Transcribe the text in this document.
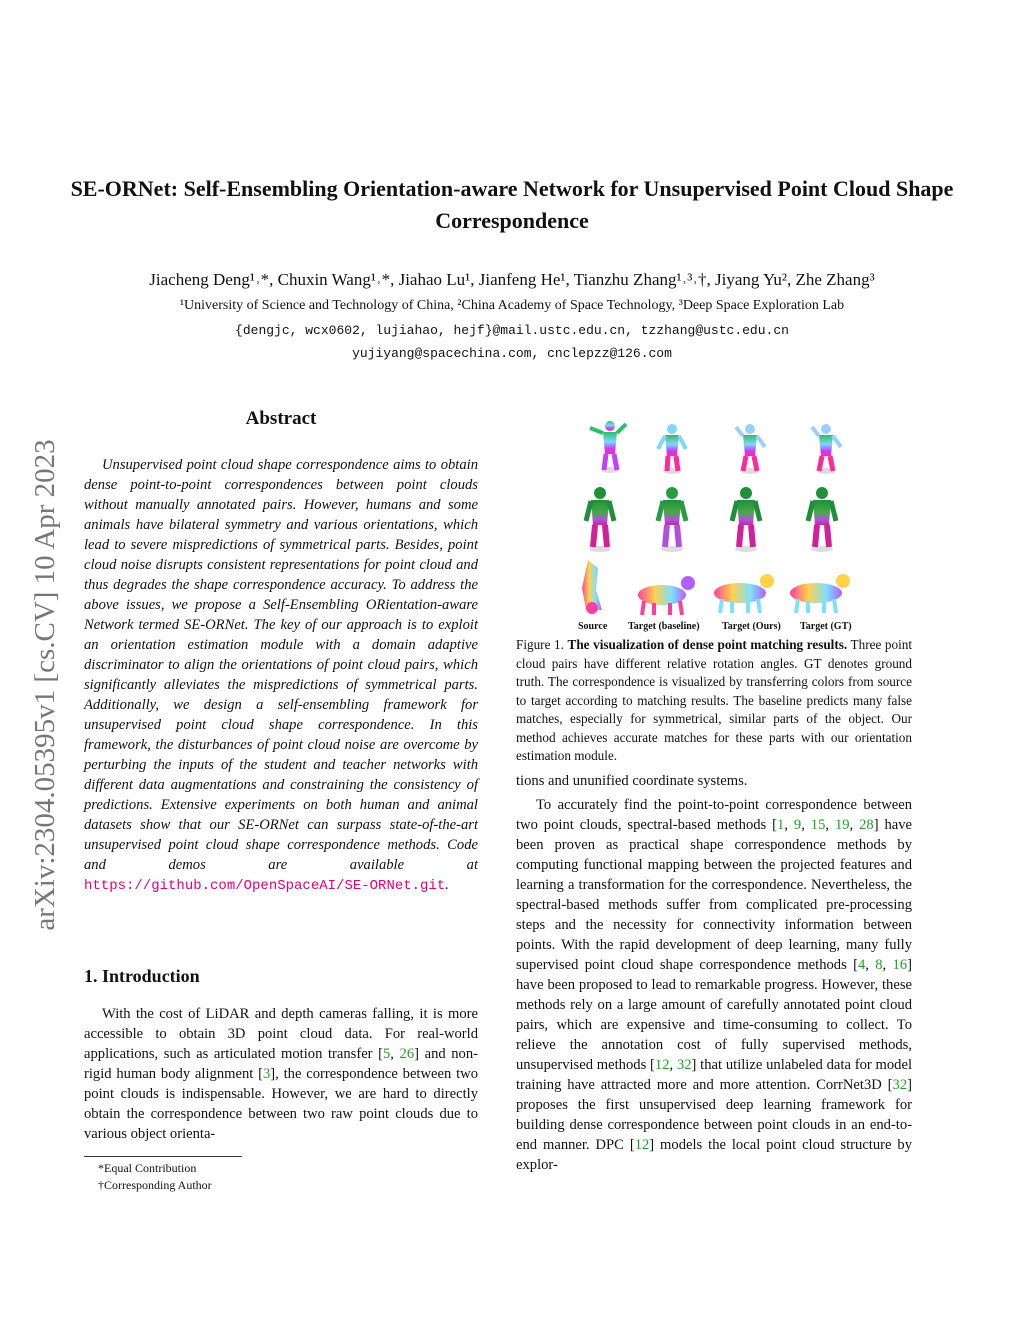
arXiv:2304.05395v1 [cs.CV] 10 Apr 2023
SE-ORNet: Self-Ensembling Orientation-aware Network for Unsupervised Point Cloud Shape Correspondence
Jiacheng Deng¹˒*, Chuxin Wang¹˒*, Jiahao Lu¹, Jianfeng He¹, Tianzhu Zhang¹˒³˒†, Jiyang Yu², Zhe Zhang³
¹University of Science and Technology of China, ²China Academy of Space Technology, ³Deep Space Exploration Lab
{dengjc, wcx0602, lujiahao, hejf}@mail.ustc.edu.cn, tzzhang@ustc.edu.cn
yujiyang@spacechina.com, cnclepzz@126.com
Abstract

Unsupervised point cloud shape correspondence aims to obtain dense point-to-point correspondences between point clouds without manually annotated pairs. However, humans and some animals have bilateral symmetry and various orientations, which lead to severe mispredictions of symmetrical parts. Besides, point cloud noise disrupts consistent representations for point cloud and thus degrades the shape correspondence accuracy. To address the above issues, we propose a Self-Ensembling ORientation-aware Network termed SE-ORNet. The key of our approach is to exploit an orientation estimation module with a domain adaptive discriminator to align the orientations of point cloud pairs, which significantly alleviates the mispredictions of symmetrical parts. Additionally, we design a self-ensembling framework for unsupervised point cloud shape correspondence. In this framework, the disturbances of point cloud noise are overcome by perturbing the inputs of the student and teacher networks with different data augmentations and constraining the consistency of predictions. Extensive experiments on both human and animal datasets show that our SE-ORNet can surpass state-of-the-art unsupervised point cloud shape correspondence methods. Code and demos are available at https://github.com/OpenSpaceAI/SE-ORNet.git.

1. Introduction

With the cost of LiDAR and depth cameras falling, it is more accessible to obtain 3D point cloud data. For real-world applications, such as articulated motion transfer [5, 26] and non-rigid human body alignment [3], the correspondence between two point clouds is indispensable. However, we are hard to directly obtain the correspondence between two raw point clouds due to various object orienta-

*Equal Contribution
†Corresponding Author
Source Target (baseline) Target (Ours) Target (GT)
Figure 1. The visualization of dense point matching results. Three point cloud pairs have different relative rotation angles. GT denotes ground truth. The correspondence is visualized by transferring colors from source to target according to matching results. The baseline predicts many false matches, especially for symmetrical, similar parts of the object. Our method achieves accurate matches for these parts with our orientation estimation module.

tions and ununified coordinate systems.

To accurately find the point-to-point correspondence between two point clouds, spectral-based methods [1, 9, 15, 19, 28] have been proven as practical shape correspondence methods by computing functional mapping between the projected features and learning a transformation for the correspondence. Nevertheless, the spectral-based methods suffer from complicated pre-processing steps and the necessity for connectivity information between points. With the rapid development of deep learning, many fully supervised point cloud shape correspondence methods [4, 8, 16] have been proposed to lead to remarkable progress. However, these methods rely on a large amount of carefully annotated point cloud pairs, which are expensive and time-consuming to collect. To relieve the annotation cost of fully supervised methods, unsupervised methods [12, 32] that utilize unlabeled data for model training have attracted more and more attention. CorrNet3D [32] proposes the first unsupervised deep learning framework for building dense correspondence between point clouds in an end-to-end manner. DPC [12] models the local point cloud structure by explor-
